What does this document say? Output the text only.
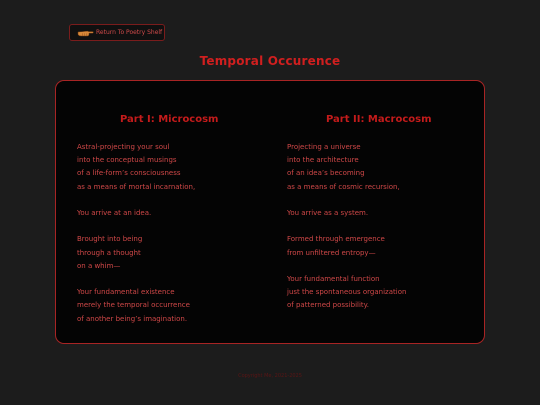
Return To Poetry Shelf
Temporal Occurence
Part I: Microcosm
Astral-projecting your soul
into the conceptual musings
of a life-form’s consciousness
as a means of mortal incarnation,
You arrive at an idea.
Brought into being
through a thought
on a whim—
Your fundamental existence
merely the temporal occurrence
of another being’s imagination.
Part II: Macrocosm
Projecting a universe
into the architecture
of an idea’s becoming
as a means of cosmic recursion,
You arrive as a system.
Formed through emergence
from unfiltered entropy—
Your fundamental function
just the spontaneous organization
of patterned possibility.
Copyright Me, 2021-2025
